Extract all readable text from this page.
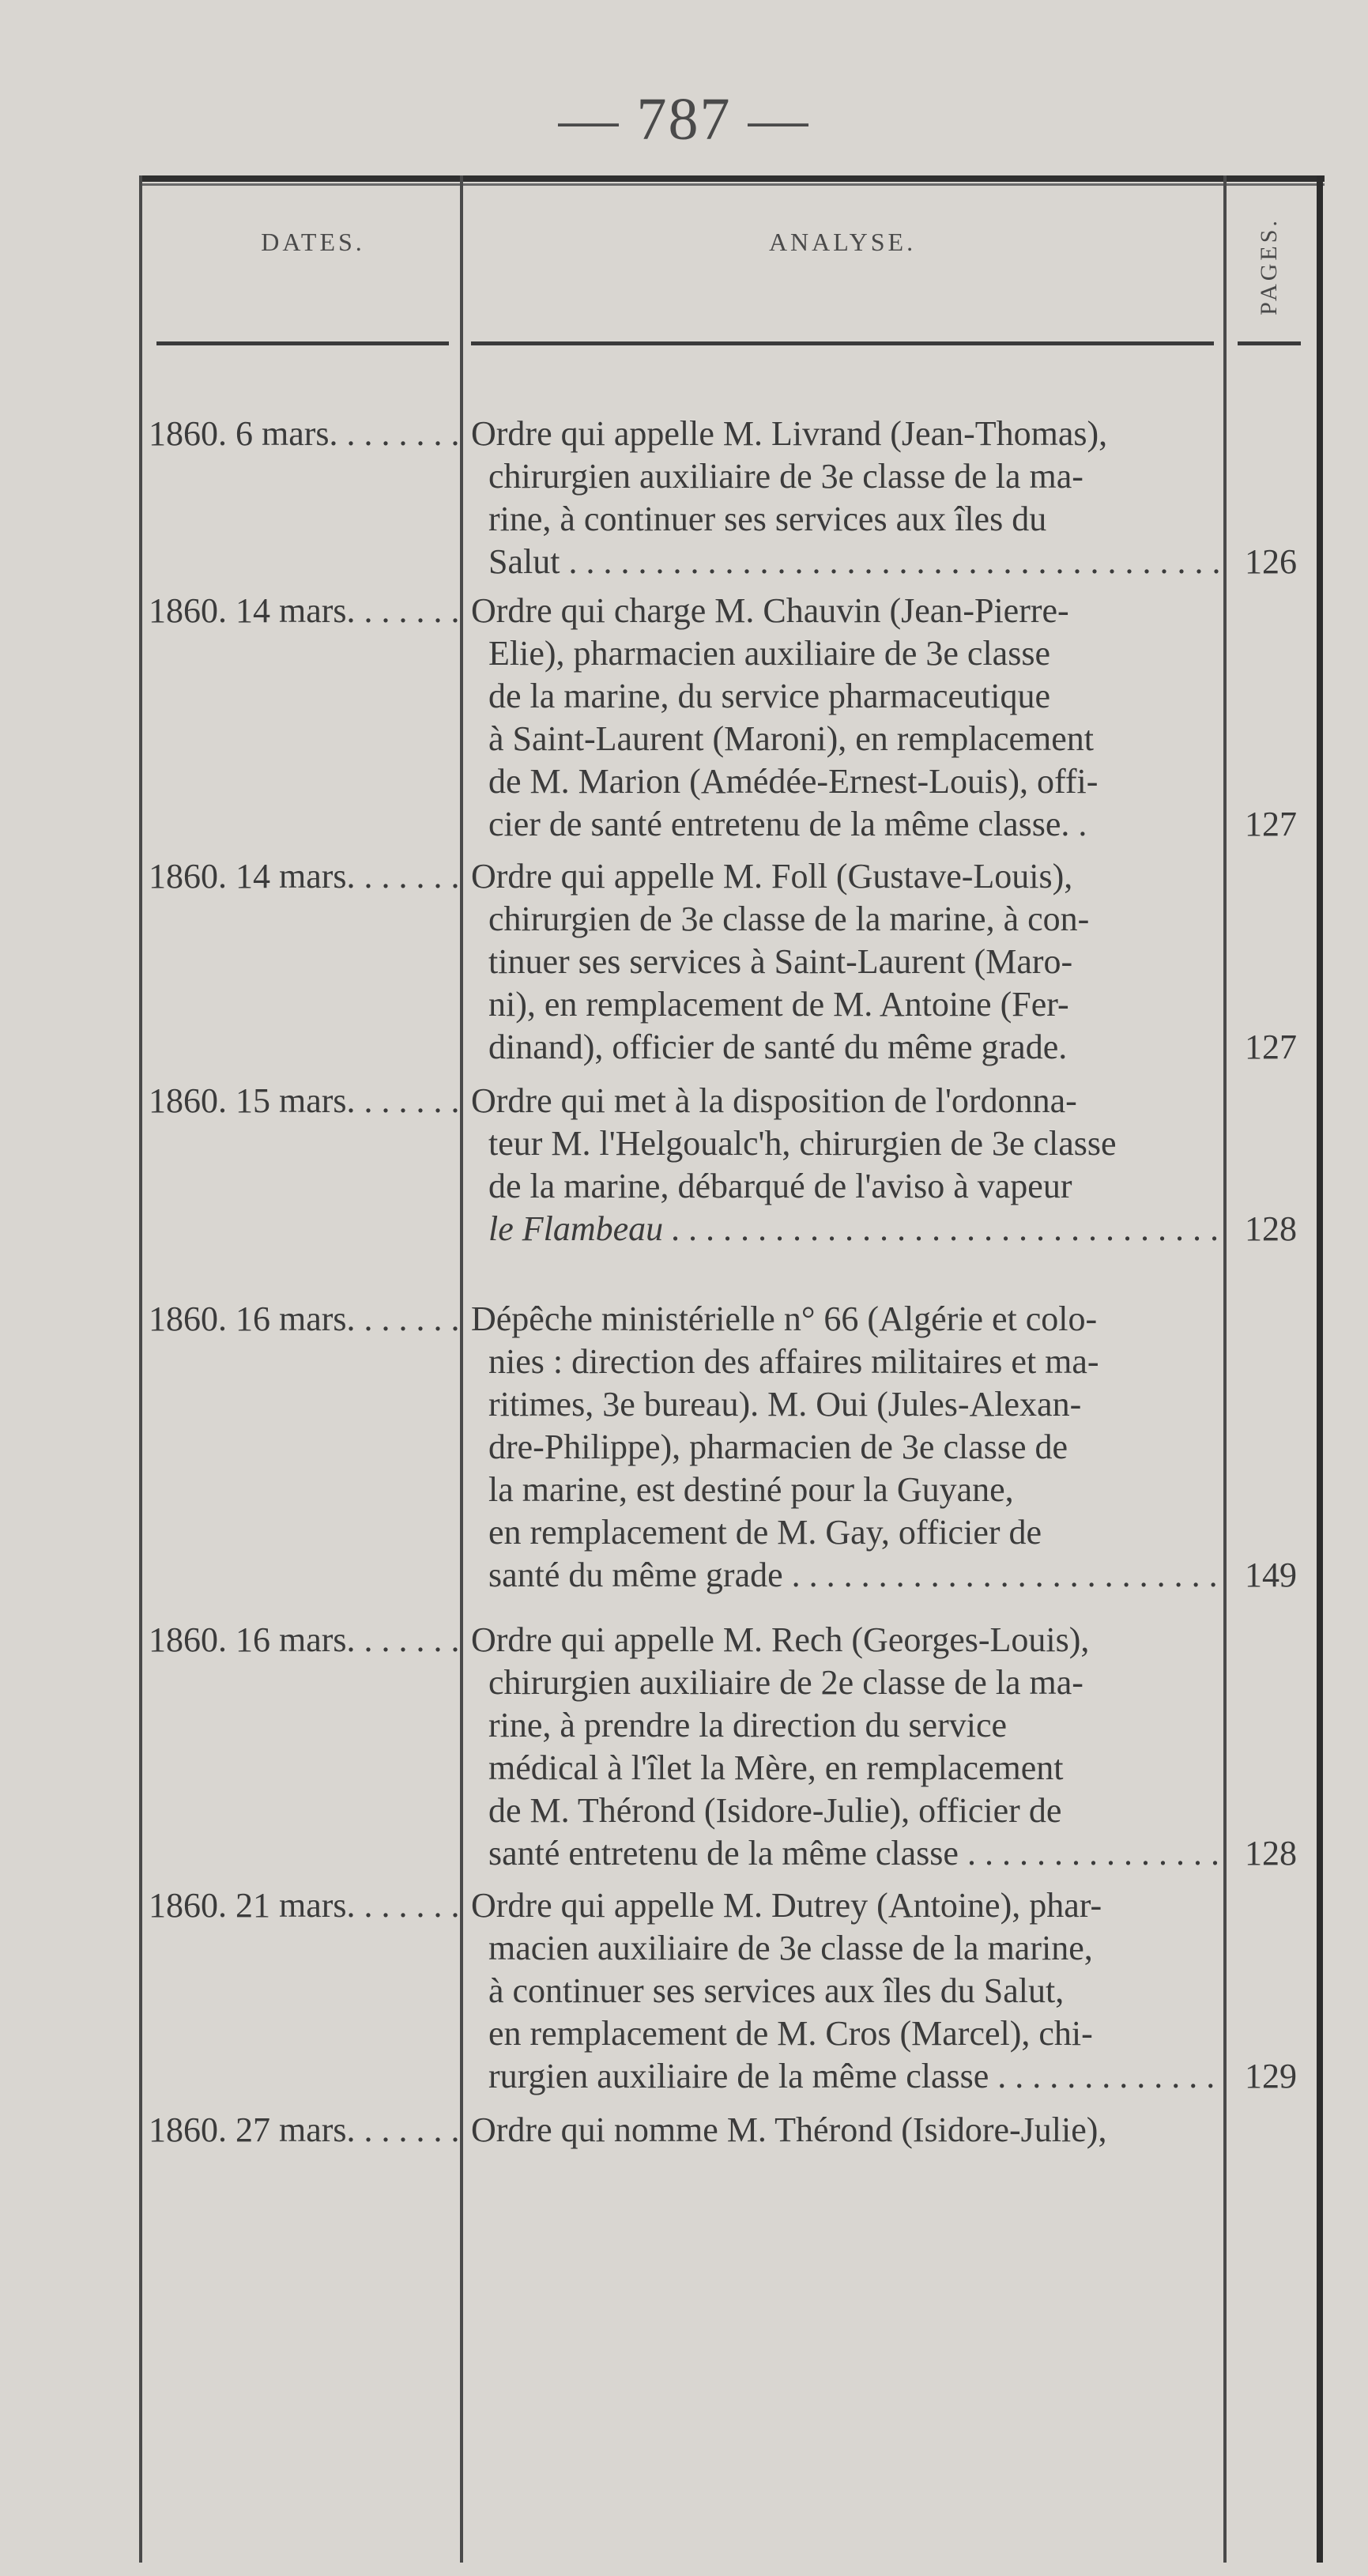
— 787 —
DATES.	ANALYSE.	PAGES.
1860. 6 mars. . . .	Ordre qui appelle M. Livrand (Jean-Thomas),
chirurgien auxiliaire de 3e classe de la ma-
rine, à continuer ses services aux îles du
Salut . . .	126
1860. 14 mars. . . .	Ordre qui charge M. Chauvin (Jean-Pierre-
Elie), pharmacien auxiliaire de 3e classe
de la marine, du service pharmaceutique
à Saint-Laurent (Maroni), en remplacement
de M. Marion (Amédée-Ernest-Louis), offi-
cier de santé entretenu de la même classe. .	127
1860. 14 mars. . . .	Ordre qui appelle M. Foll (Gustave-Louis),
chirurgien de 3e classe de la marine, à con-
tinuer ses services à Saint-Laurent (Maro-
ni), en remplacement de M. Antoine (Fer-
dinand), officier de santé du même grade.	127
1860. 15 mars. . . .	Ordre qui met à la disposition de l'ordonna-
teur M. l'Helgoualc'h, chirurgien de 3e classe
de la marine, débarqué de l'aviso à vapeur
le Flambeau . . .	128
1860. 16 mars. . . .	Dépêche ministérielle n° 66 (Algérie et colo-
nies : direction des affaires militaires et ma-
ritimes, 3e bureau). M. Oui (Jules-Alexan-
dre-Philippe), pharmacien de 3e classe de
la marine, est destiné pour la Guyane,
en remplacement de M. Gay, officier de
santé du même grade . . .	149
1860. 16 mars. . . .	Ordre qui appelle M. Rech (Georges-Louis),
chirurgien auxiliaire de 2e classe de la ma-
rine, à prendre la direction du service
médical à l'îlet la Mère, en remplacement
de M. Thérond (Isidore-Julie), officier de
santé entretenu de la même classe . . .	128
1860. 21 mars. . . .	Ordre qui appelle M. Dutrey (Antoine), phar-
macien auxiliaire de 3e classe de la marine,
à continuer ses services aux îles du Salut,
en remplacement de M. Cros (Marcel), chi-
rurgien auxiliaire de la même classe . . .	129
1860. 27 mars. . . .	Ordre qui nomme M. Thérond (Isidore-Julie),
